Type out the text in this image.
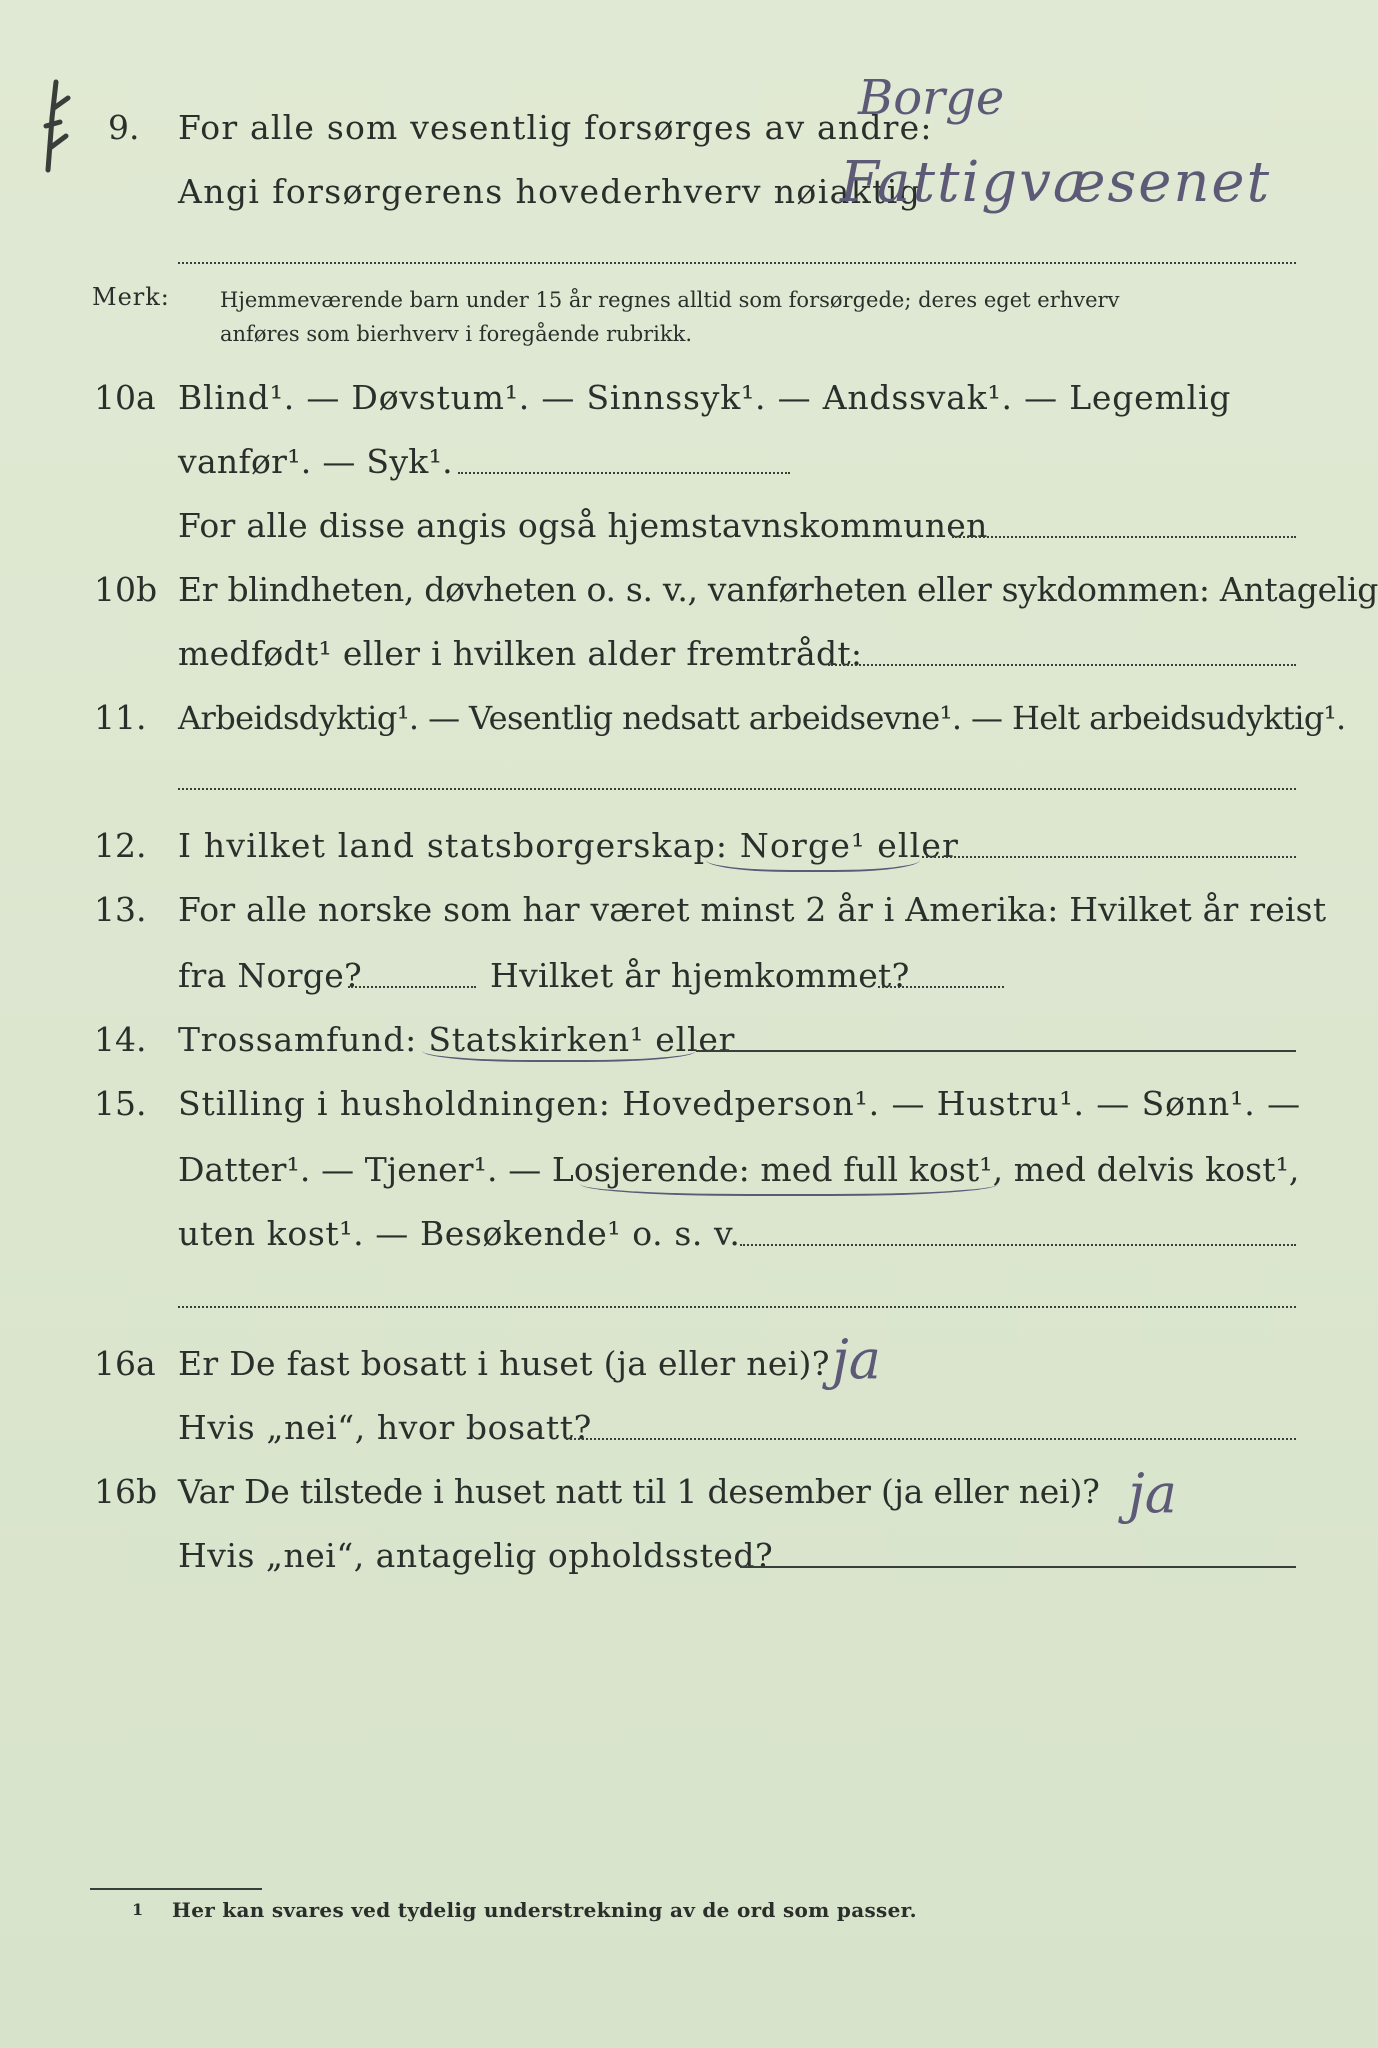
9. For alle som vesentlig forsørges av andre:
Borge
Angi forsørgerens hovederhverv nøiaktig
Fattigvæsenet
Merk: Hjemmeværende barn under 15 år regnes alltid som forsørgede; deres eget erhverv
anføres som bierhverv i foregående rubrikk.
10a Blind¹. — Døvstum¹. — Sinnssyk¹. — Andssvak¹. — Legemlig
vanfør¹. — Syk¹.
For alle disse angis også hjemstavnskommunen
10b Er blindheten, døvheten o. s. v., vanførheten eller sykdommen: Antagelig
medfødt¹ eller i hvilken alder fremtrådt:
11. Arbeidsdyktig¹. — Vesentlig nedsatt arbeidsevne¹. — Helt arbeidsudyktig¹.
12. I hvilket land statsborgerskap: Norge¹ eller
13. For alle norske som har været minst 2 år i Amerika: Hvilket år reist
fra Norge?	Hvilket år hjemkommet?
14. Trossamfund: Statskirken¹ eller
15. Stilling i husholdningen: Hovedperson¹. — Hustru¹. — Sønn¹. —
Datter¹. — Tjener¹. — Losjerende: med full kost¹, med delvis kost¹,
uten kost¹. — Besøkende¹ o. s. v.
16a Er De fast bosatt i huset (ja eller nei)? ja
Hvis „nei“, hvor bosatt?
16b Var De tilstede i huset natt til 1 desember (ja eller nei)? ja
Hvis „nei“, antagelig opholdssted?
1 Her kan svares ved tydelig understrekning av de ord som passer.
